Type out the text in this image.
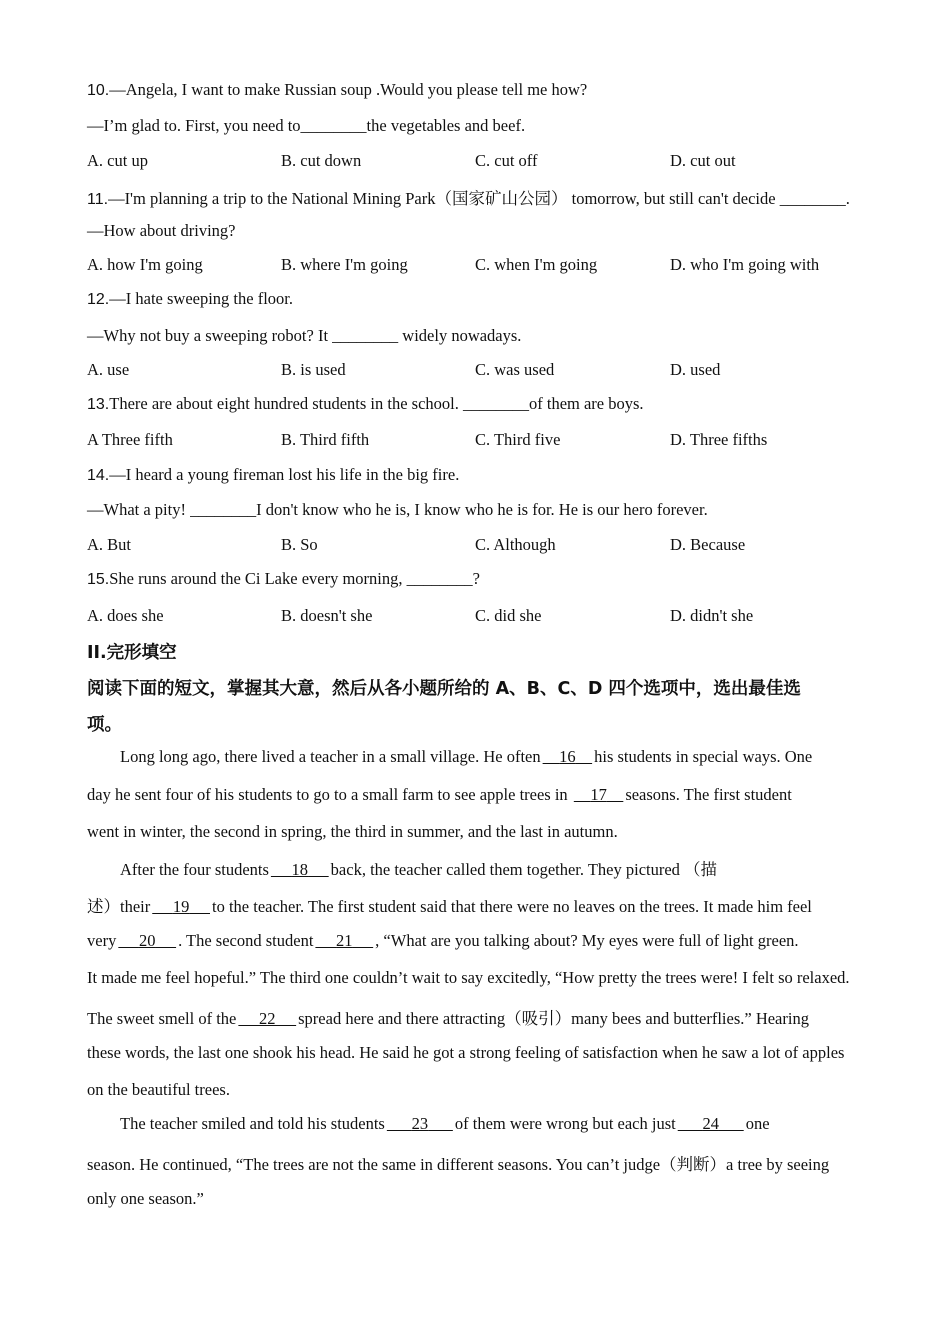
10.—Angela, I want to make Russian soup .Would you please tell me how?
—I’m glad to. First, you need to________the vegetables and beef.
A. cut up	B. cut down	C. cut off	D. cut out
11.—I'm planning a trip to the National Mining Park（国家矿山公园） tomorrow, but still can't decide ________.
—How about driving?
A. how I'm going	B. where I'm going	C. when I'm going	D. who I'm going with
12.—I hate sweeping the floor.
—Why not buy a sweeping robot? It ________ widely nowadays.
A. use	B. is used	C. was used	D. used
13.There are about eight hundred students in the school. ________of them are boys.
A Three fifth	B. Third fifth	C. Third five	D. Three fifths
14.—I heard a young fireman lost his life in the big fire.
—What a pity! ________I don't know who he is, I know who he is for. He is our hero forever.
A. But	B. So	C. Although	D. Because
15.She runs around the Ci Lake every morning, ________?
A. does she	B. doesn't she	C. did she	D. didn't she
II.完形填空
阅读下面的短文，掌握其大意，然后从各小题所给的 A、B、C、D 四个选项中，选出最佳选
项。
Long long ago, there lived a teacher in a small village. He often 16 his students in special ways. One
day he sent four of his students to go to a small farm to see apple trees in     17 seasons. The first student
went in winter, the second in spring, the third in summer, and the last in autumn.
After the four students 18 back, the teacher called them together. They pictured （描
述）their 19 to the teacher. The first student said that there were no leaves on the trees. It made him feel
very 20 . The second student 21 , “What are you talking about? My eyes were full of light green.
It made me feel hopeful.” The third one couldn’t wait to say excitedly, “How pretty the trees were! I felt so relaxed.
The sweet smell of the 22 spread here and there attracting（吸引）many bees and butterflies.” Hearing
these words, the last one shook his head. He said he got a strong feeling of satisfaction when he saw a lot of apples
on the beautiful trees.
The teacher smiled and told his students 23 of them were wrong but each just 24 one
season. He continued, “The trees are not the same in different seasons. You can’t judge（判断）a tree by seeing
only one season.”
